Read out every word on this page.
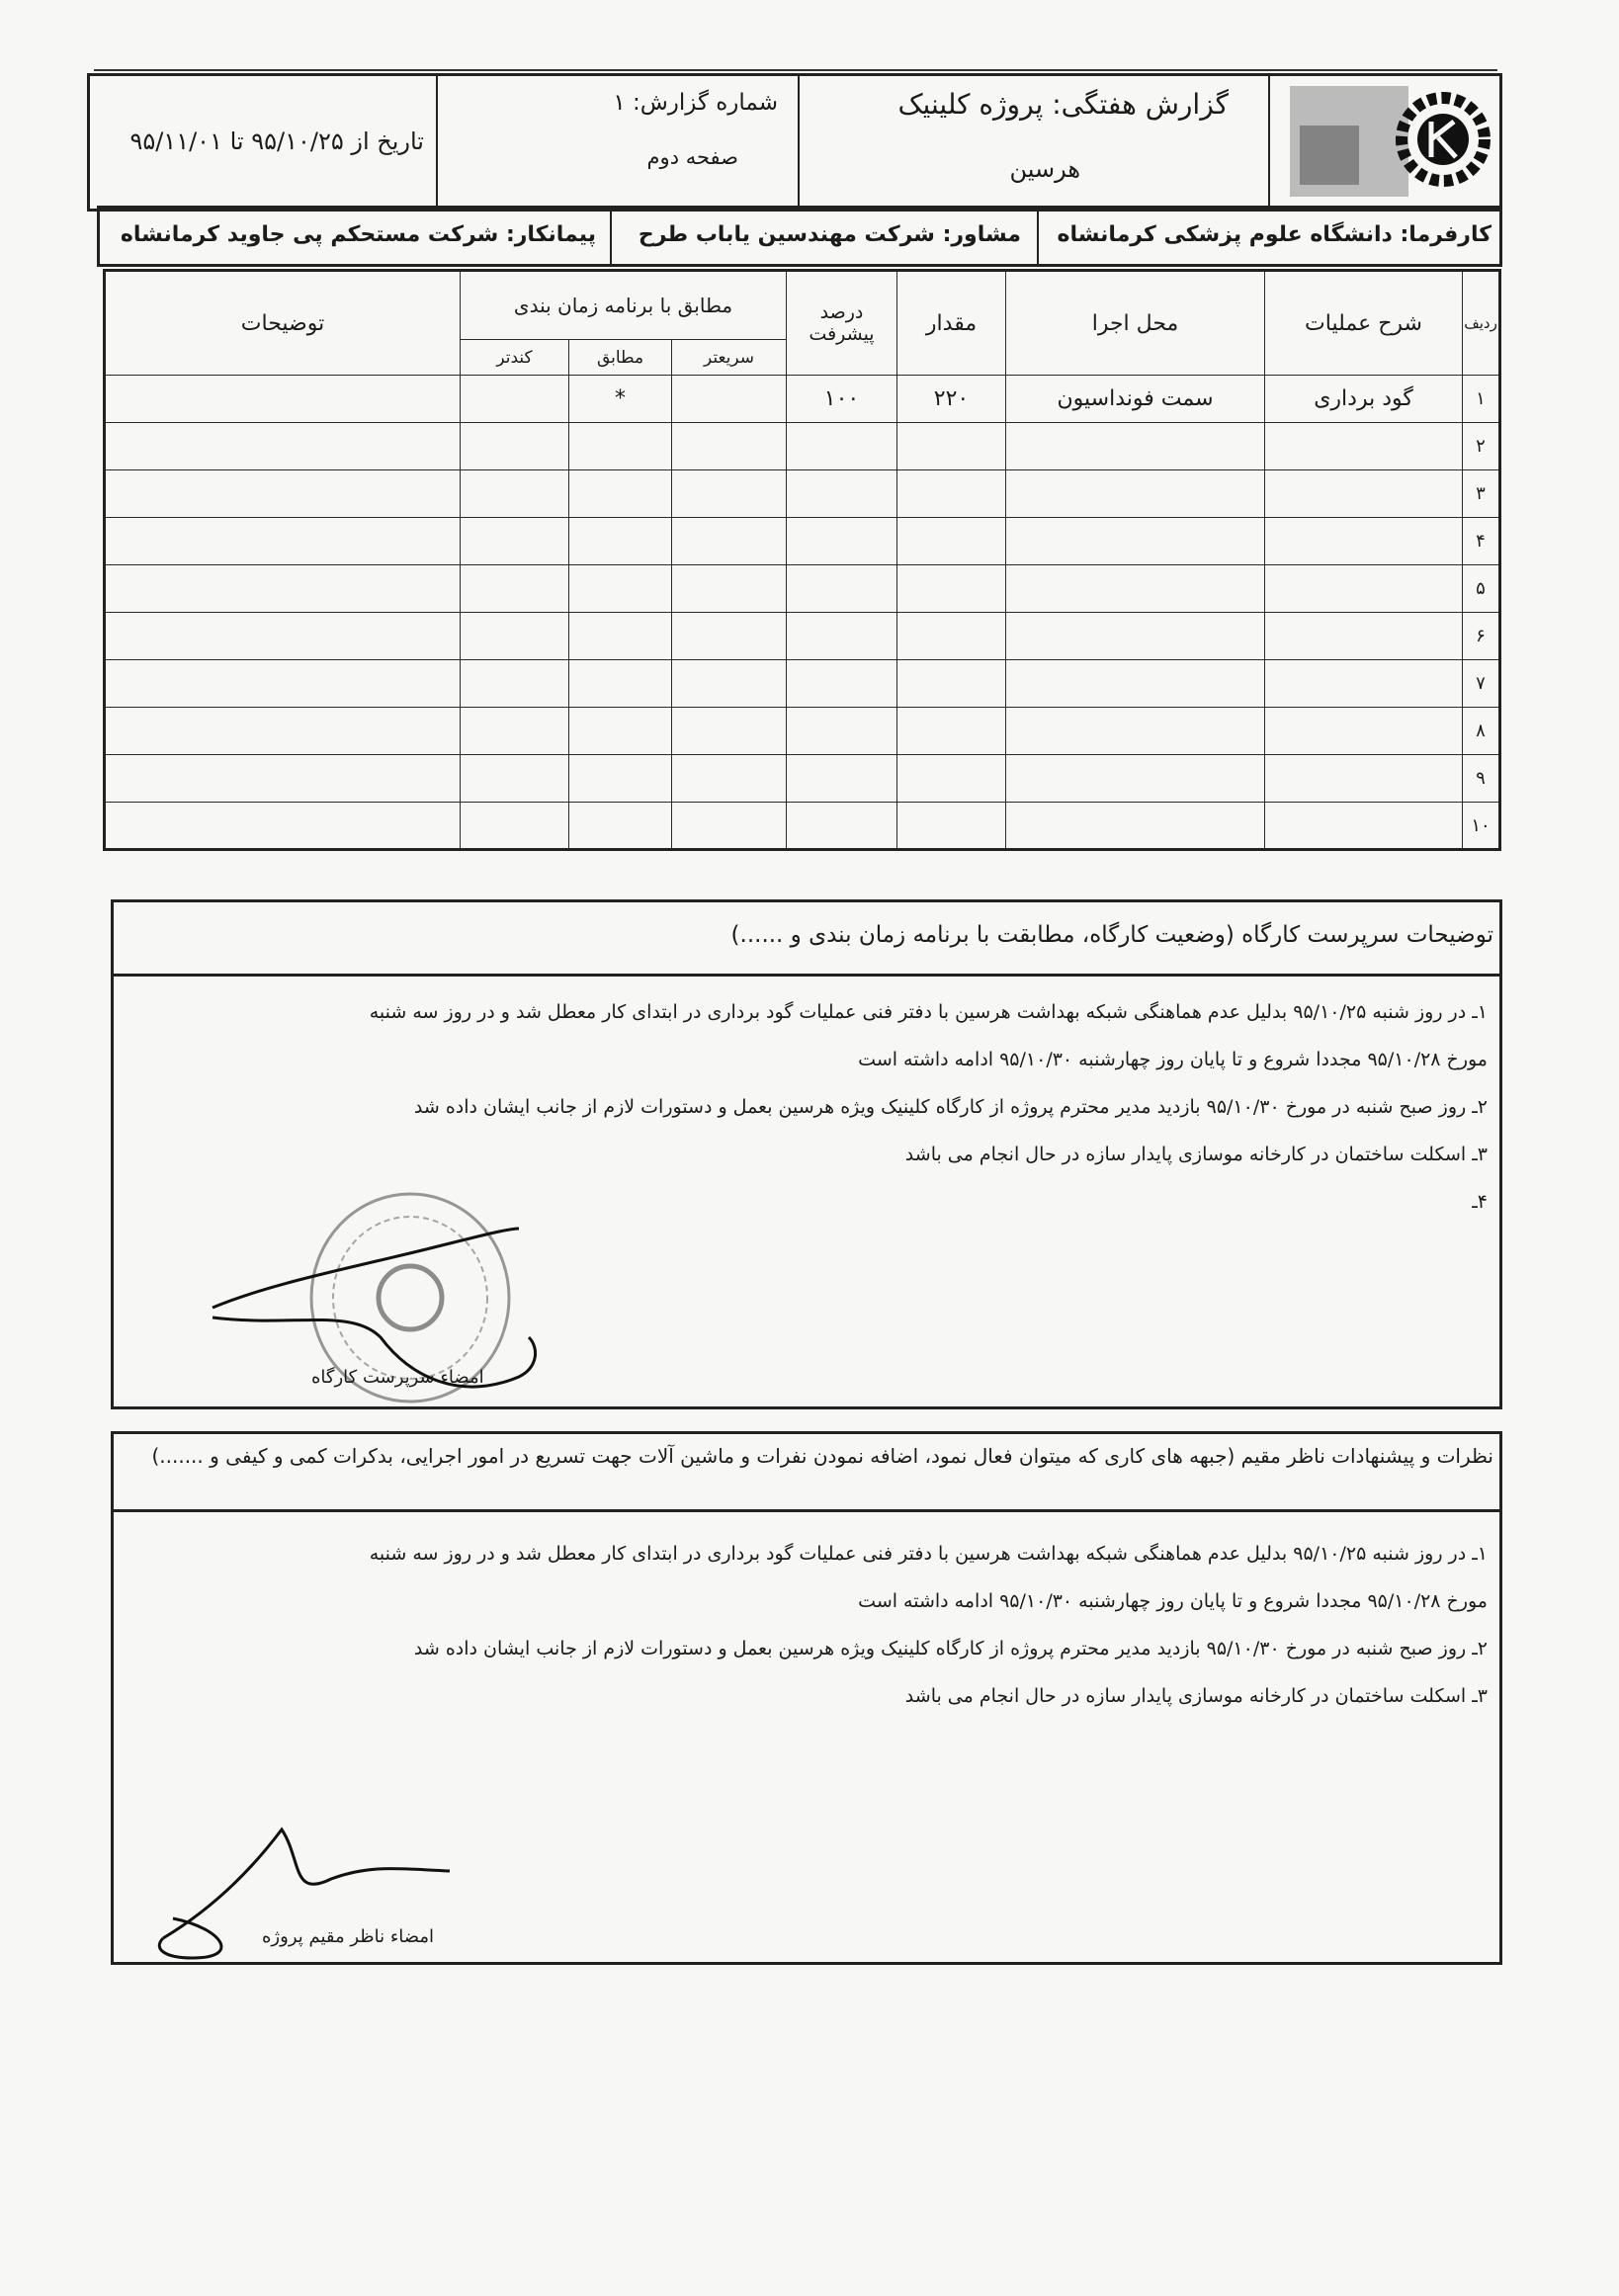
گزارش هفتگی: پروژه کلینیک
هرسین
شماره گزارش: ۱
صفحه دوم
تاریخ از ۹۵/۱۰/۲۵ تا ۹۵/۱۱/۰۱
کارفرما: دانشگاه علوم پزشکی کرمانشاه
مشاور: شرکت مهندسین یاباب طرح
پیمانکار: شرکت مستحکم پی جاوید کرمانشاه
ردیف	شرح عملیات	محل اجرا	مقدار	درصد پیشرفت	مطابق با برنامه زمان بندی			توضیحات
					سریعتر	مطابق	کندتر	
۱	گود برداری	سمت فونداسیون	۲۲۰	۱۰۰		*		
۲								
۳								
۴								
۵								
۶								
۷								
۸								
۹								
۱۰								
توضیحات سرپرست کارگاه (وضعیت کارگاه، مطابقت با برنامه زمان بندی و ......)
۱ـ در روز شنبه ۹۵/۱۰/۲۵ بدلیل عدم هماهنگی شبکه بهداشت هرسین با دفتر فنی عملیات گود برداری در ابتدای کار معطل شد و در روز سه شنبه
مورخ ۹۵/۱۰/۲۸ مجددا شروع و تا پایان روز چهارشنبه ۹۵/۱۰/۳۰ ادامه داشته است
۲ـ روز صبح شنبه در مورخ ۹۵/۱۰/۳۰ بازدید مدیر محترم پروژه از کارگاه کلینیک ویژه هرسین بعمل و دستورات لازم از جانب ایشان داده شد
۳ـ اسکلت ساختمان در کارخانه موسازی پایدار سازه در حال انجام می باشد
۴ـ
امضاء سرپرست کارگاه
نظرات و پیشنهادات ناظر مقیم (جبهه های کاری که میتوان فعال نمود، اضافه نمودن نفرات و ماشین آلات جهت تسریع در امور اجرایی، بدکرات کمی و کیفی و .......)
۱ـ در روز شنبه ۹۵/۱۰/۲۵ بدلیل عدم هماهنگی شبکه بهداشت هرسین با دفتر فنی عملیات گود برداری در ابتدای کار معطل شد و در روز سه شنبه
مورخ ۹۵/۱۰/۲۸ مجددا شروع و تا پایان روز چهارشنبه ۹۵/۱۰/۳۰ ادامه داشته است
۲ـ روز صبح شنبه در مورخ ۹۵/۱۰/۳۰ بازدید مدیر محترم پروژه از کارگاه کلینیک ویژه هرسین بعمل و دستورات لازم از جانب ایشان داده شد
۳ـ اسکلت ساختمان در کارخانه موسازی پایدار سازه در حال انجام می باشد
امضاء ناظر مقیم پروژه
